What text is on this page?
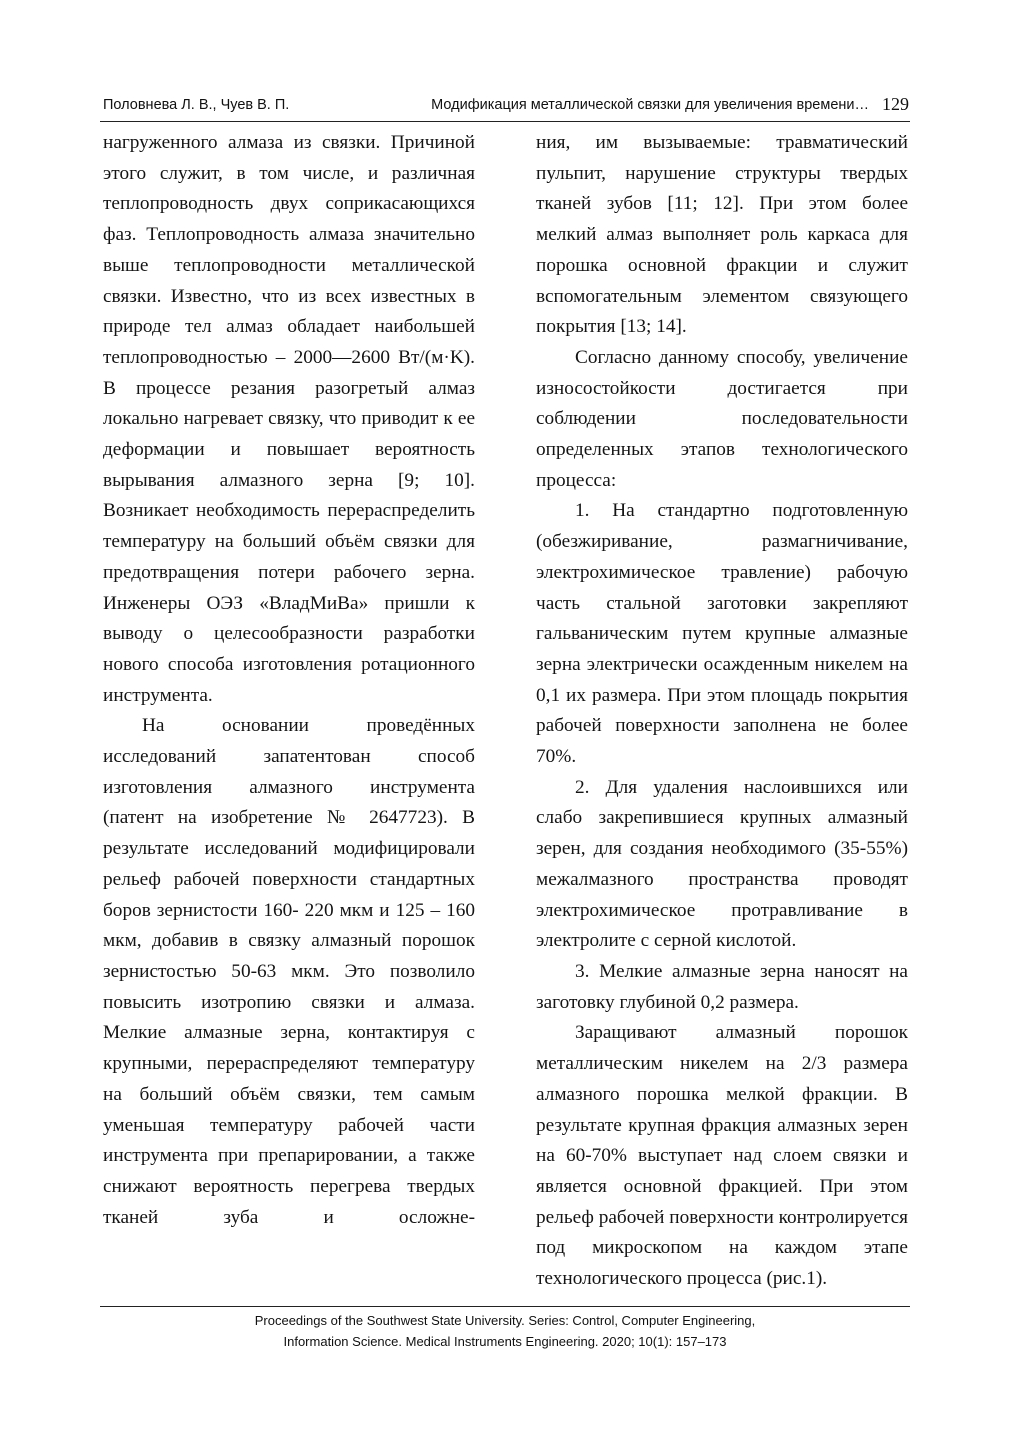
Половнева Л. В., Чуев В. П.	Модификация металлической связки для увеличения времени… 129

нагруженного алмаза из связки. Причиной этого служит, в том числе, и различная теплопроводность двух соприкасающихся фаз. Теплопроводность алмаза значительно выше теплопроводности металлической связки. Известно, что из всех известных в природе тел алмаз обладает наибольшей теплопроводностью – 2000—2600 Вт/(м·K). В процессе резания разогретый алмаз локально нагревает связку, что приводит к ее деформации и повышает вероятность вырывания алмазного зерна [9; 10]. Возникает необходимость перераспределить температуру на больший объём связки для предотвращения потери рабочего зерна. Инженеры ОЭЗ «ВладМиВа» пришли к выводу о целесообразности разработки нового способа изготовления ротационного инструмента.

На основании проведённых исследований запатентован способ изготовления алмазного инструмента (патент на изобретение № 2647723). В результате исследований модифицировали рельеф рабочей поверхности стандартных боров зернистости 160- 220 мкм и 125 – 160 мкм, добавив в связку алмазный порошок зернистостью 50-63 мкм. Это позволило повысить изотропию связки и алмаза. Мелкие алмазные зерна, контактируя с крупными, перераспределяют температуру на больший объём связки, тем самым уменьшая температуру рабочей части инструмента при препарировании, а также снижают вероятность перегрева твердых тканей зуба и осложне-

ния, им вызываемые: травматический пульпит, нарушение структуры твердых тканей зубов [11; 12]. При этом более мелкий алмаз выполняет роль каркаса для порошка основной фракции и служит вспомогательным элементом связующего покрытия [13; 14].

Согласно данному способу, увеличение износостойкости достигается при соблюдении последовательности определенных этапов технологического процесса:

1. На стандартно подготовленную (обезжиривание, размагничивание, электрохимическое травление) рабочую часть стальной заготовки закрепляют гальваническим путем крупные алмазные зерна электрически осажденным никелем на 0,1 их размера. При этом площадь покрытия рабочей поверхности заполнена не более 70%.

2. Для удаления наслоившихся или слабо закрепившиеся крупных алмазный зерен, для создания необходимого (35-55%) межалмазного пространства проводят электрохимическое протравливание в электролите с серной кислотой.

3. Мелкие алмазные зерна наносят на заготовку глубиной 0,2 размера.

Заращивают алмазный порошок металлическим никелем на 2/3 размера алмазного порошка мелкой фракции. В результате крупная фракция алмазных зерен на 60-70% выступает над слоем связки и является основной фракцией. При этом рельеф рабочей поверхности контролируется под микроскопом на каждом этапе технологического процесса (рис.1).

Proceedings of the Southwest State University. Series: Control, Computer Engineering,
Information Science. Medical Instruments Engineering. 2020; 10(1): 157–173
